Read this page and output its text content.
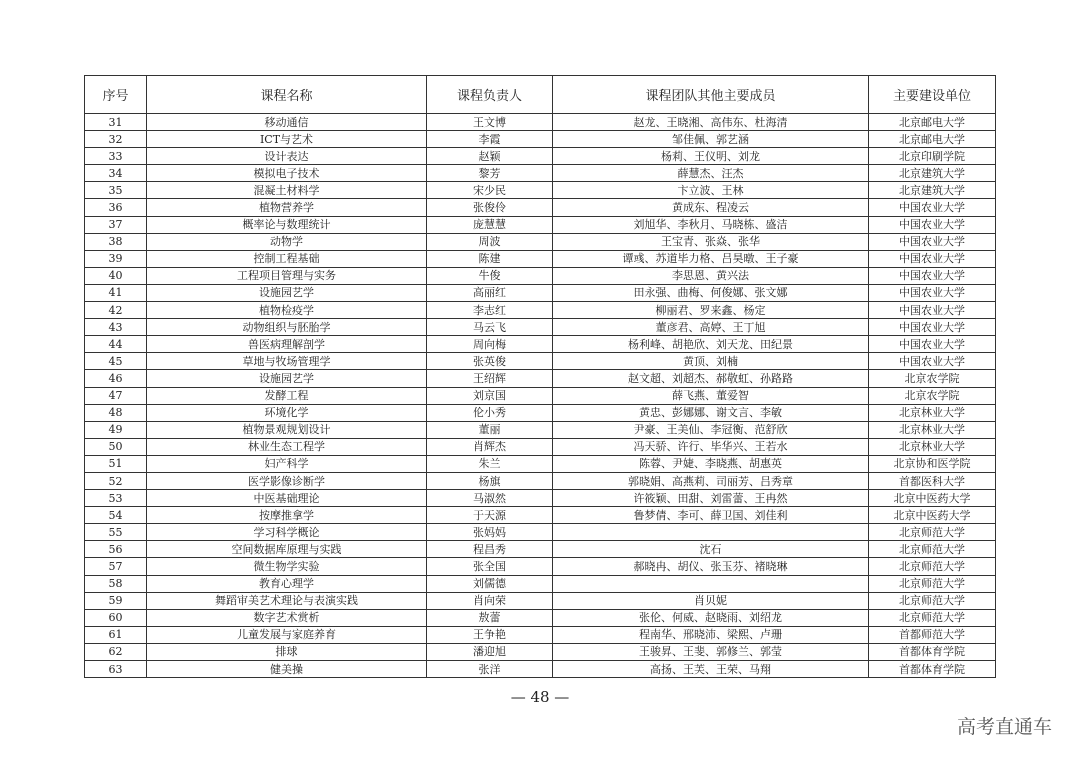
序号	课程名称	课程负责人	课程团队其他主要成员	主要建设单位
31	移动通信	王文博	赵龙、王晓湘、高伟东、杜海清	北京邮电大学
32	ICT与艺术	李霞	邹佳佩、郭艺涵	北京邮电大学
33	设计表达	赵颖	杨莉、王仪明、刘龙	北京印刷学院
34	模拟电子技术	黎芳	薛慧杰、汪杰	北京建筑大学
35	混凝土材料学	宋少民	卞立波、王林	北京建筑大学
36	植物营养学	张俊伶	黄成东、程凌云	中国农业大学
37	概率论与数理统计	庞慧慧	刘旭华、李秋月、马晓栋、盛洁	中国农业大学
38	动物学	周波	王宝青、张焱、张华	中国农业大学
39	控制工程基础	陈建	谭彧、苏道毕力格、吕昊暾、王子豪	中国农业大学
40	工程项目管理与实务	牛俊	李思恩、黄兴法	中国农业大学
41	设施园艺学	高丽红	田永强、曲梅、何俊娜、张文娜	中国农业大学
42	植物检疫学	李志红	柳丽君、罗来鑫、杨定	中国农业大学
43	动物组织与胚胎学	马云飞	董彦君、高婷、王丁旭	中国农业大学
44	兽医病理解剖学	周向梅	杨利峰、胡艳欣、刘天龙、田纪景	中国农业大学
45	草地与牧场管理学	张英俊	黄顶、刘楠	中国农业大学
46	设施园艺学	王绍辉	赵文超、刘超杰、郝敬虹、孙路路	北京农学院
47	发酵工程	刘京国	薛飞燕、董爱智	北京农学院
48	环境化学	伦小秀	黄忠、彭娜娜、谢文言、李敏	北京林业大学
49	植物景观规划设计	董丽	尹豪、王美仙、李冠衡、范舒欣	北京林业大学
50	林业生态工程学	肖辉杰	冯天骄、许行、毕华兴、王若水	北京林业大学
51	妇产科学	朱兰	陈蓉、尹婕、李晓燕、胡惠英	北京协和医学院
52	医学影像诊断学	杨旗	郭晓娟、高燕莉、司丽芳、吕秀章	首都医科大学
53	中医基础理论	马淑然	许筱颖、田甜、刘雷蕾、王冉然	北京中医药大学
54	按摩推拿学	于天源	鲁梦倩、李可、薛卫国、刘佳利	北京中医药大学
55	学习科学概论	张妈妈		北京师范大学
56	空间数据库原理与实践	程昌秀	沈石	北京师范大学
57	微生物学实验	张全国	郝晓冉、胡仪、张玉芬、褚晓琳	北京师范大学
58	教育心理学	刘儒德		北京师范大学
59	舞蹈审美艺术理论与表演实践	肖向荣	肖贝妮	北京师范大学
60	数字艺术赏析	敖蕾	张伦、何威、赵晓雨、刘绍龙	北京师范大学
61	儿童发展与家庭养育	王争艳	程南华、邢晓沛、梁熙、卢珊	首都师范大学
62	排球	潘迎旭	王骏昇、王斐、郭修兰、郭莹	首都体育学院
63	健美操	张洋	高扬、王芙、王荣、马翔	首都体育学院
— 48 —
高考直通车
